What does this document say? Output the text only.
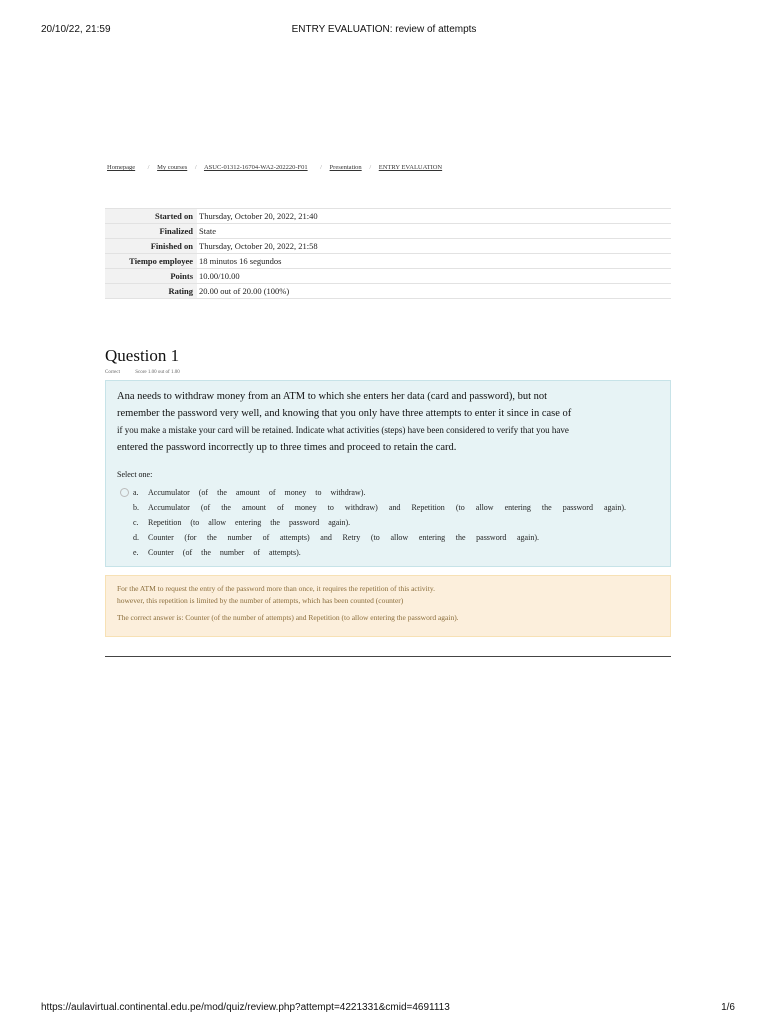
20/10/22, 21:59	ENTRY EVALUATION: review of attempts
Homepage / My courses / ASUC-01312-16704-WA2-202220-F01 / Presentation / ENTRY EVALUATION
Started on	Thursday, October 20, 2022, 21:40
Finalized	State
Finished on	Thursday, October 20, 2022, 21:58
Tiempo employee	18 minutos 16 segundos
Points	10.00/10.00
Rating	20.00 out of 20.00 (100%)
Question 1
Correct	Score 1.00 out of 1.00
Ana needs to withdraw money from an ATM to which she enters her data (card and password), but not
remember the password very well, and knowing that you only have three attempts to enter it since in case of
if you make a mistake your card will be retained. Indicate what activities (steps) have been considered to verify that you have
entered the password incorrectly up to three times and proceed to retain the card.
Select one:
a.	Accumulator (of the amount of money to withdraw).
b.	Accumulator (of the amount of money to withdraw) and Repetition (to allow entering the password again).
c.	Repetition (to allow entering the password again).
d.	Counter (for the number of attempts) and Retry (to allow entering the password again).
e.	Counter (of the number of attempts).
For the ATM to request the entry of the password more than once, it requires the repetition of this activity.
however, this repetition is limited by the number of attempts, which has been counted (counter)
The correct answer is: Counter (of the number of attempts) and Repetition (to allow entering the password again).
https://aulavirtual.continental.edu.pe/mod/quiz/review.php?attempt=4221331&cmid=4691113	1/6
